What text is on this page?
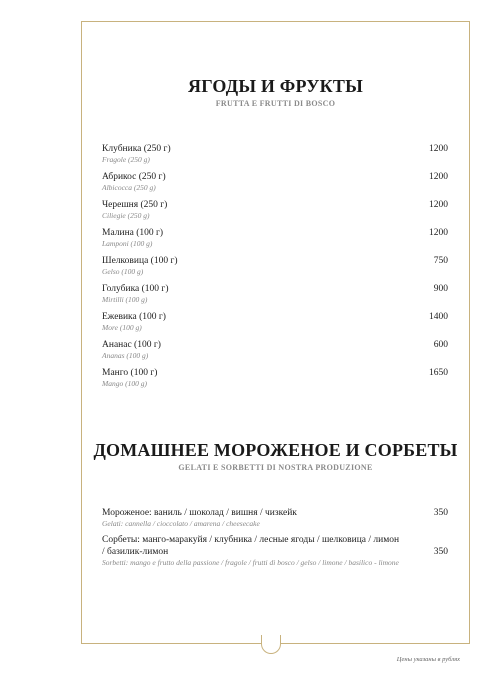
ЯГОДЫ И ФРУКТЫ
FRUTTA E FRUTTI DI BOSCO
Клубника (250 г)
Fragole (250 g)
1200
Абрикос (250 г)
Albicocca (250 g)
1200
Черешня (250 г)
Ciliegie (250 g)
1200
Малина (100 г)
Lamponi (100 g)
1200
Шелковица (100 г)
Gelso (100 g)
750
Голубика (100 г)
Mirtilli (100 g)
900
Ежевика (100 г)
More (100 g)
1400
Ананас (100 г)
Ananas (100 g)
600
Манго (100 г)
Mango (100 g)
1650
ДОМАШНЕЕ МОРОЖЕНОЕ И СОРБЕТЫ
GELATI E SORBETTI DI NOSTRA PRODUZIONE
Мороженое: ваниль / шоколад / вишня / чизкейк
Gelati: cannella / cioccolato / amarena / cheesecake
350
Сорбеты: манго-маракуйя / клубника / лесные ягоды / шелковица / лимон / базилик-лимон
Sorbetti: mango e frutto della passione / fragole / frutti di bosco / gelso / limone / basilico - limone
350
Цены указаны в рублях
